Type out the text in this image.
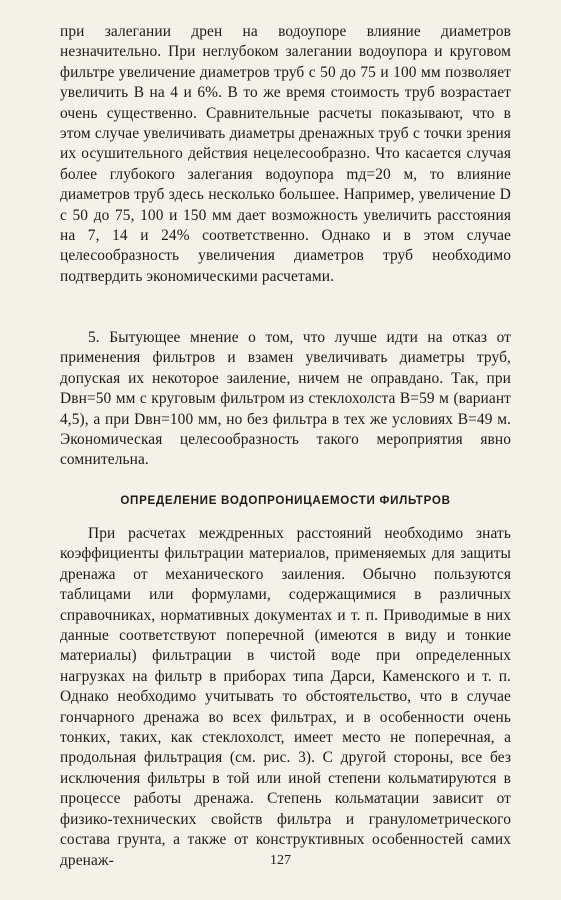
при залегании дрен на водоупоре влияние диаметров незначительно. При неглубоком залегании водоупора и круговом фильтре увеличение диаметров труб с 50 до 75 и 100 мм позволяет увеличить B на 4 и 6%. В то же время стоимость труб возрастает очень существенно. Сравнительные расчеты показывают, что в этом случае увеличивать диаметры дренажных труб с точки зрения их осушительного действия нецелесообразно. Что касается случая более глубокого залегания водоупора mд=20 м, то влияние диаметров труб здесь несколько большее. Например, увеличение D с 50 до 75, 100 и 150 мм дает возможность увеличить расстояния на 7, 14 и 24% соответственно. Однако и в этом случае целесообразность увеличения диаметров труб необходимо подтвердить экономическими расчетами.

5. Бытующее мнение о том, что лучше идти на отказ от применения фильтров и взамен увеличивать диаметры труб, допуская их некоторое заиление, ничем не оправдано. Так, при Dвн=50 мм с круговым фильтром из стеклохолста B=59 м (вариант 4,5), а при Dвн=100 мм, но без фильтра в тех же условиях B=49 м. Экономическая целесообразность такого мероприятия явно сомнительна.

ОПРЕДЕЛЕНИЕ ВОДОПРОНИЦАЕМОСТИ ФИЛЬТРОВ

При расчетах междренных расстояний необходимо знать коэффициенты фильтрации материалов, применяемых для защиты дренажа от механического заиления. Обычно пользуются таблицами или формулами, содержащимися в различных справочниках, нормативных документах и т. п. Приводимые в них данные соответствуют поперечной (имеются в виду и тонкие материалы) фильтрации в чистой воде при определенных нагрузках на фильтр в приборах типа Дарси, Каменского и т. п. Однако необходимо учитывать то обстоятельство, что в случае гончарного дренажа во всех фильтрах, и в особенности очень тонких, таких, как стеклохолст, имеет место не поперечная, а продольная фильтрация (см. рис. 3). С другой стороны, все без исключения фильтры в той или иной степени кольматируются в процессе работы дренажа. Степень кольматации зависит от физико-технических свойств фильтра и гранулометрического состава грунта, а также от конструктивных особенностей самих дренаж-	127
